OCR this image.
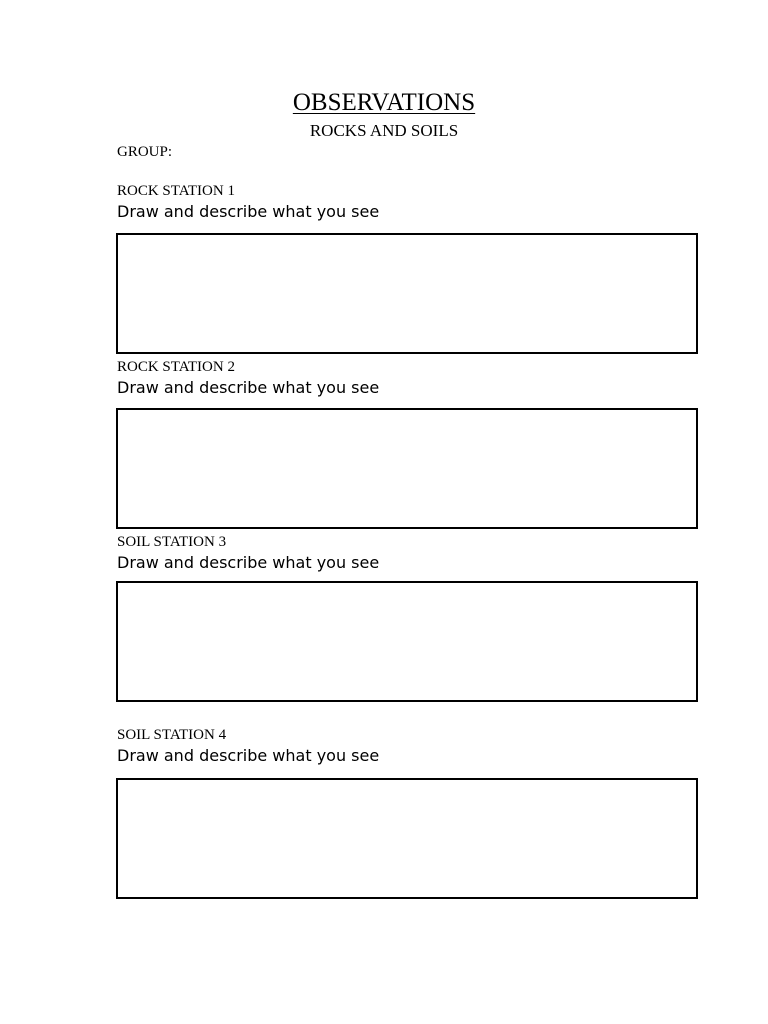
OBSERVATIONS
ROCKS AND SOILS
GROUP:
ROCK STATION 1
Draw and describe what you see
ROCK STATION 2
Draw and describe what you see
SOIL STATION 3
Draw and describe what you see
SOIL STATION 4
Draw and describe what you see
